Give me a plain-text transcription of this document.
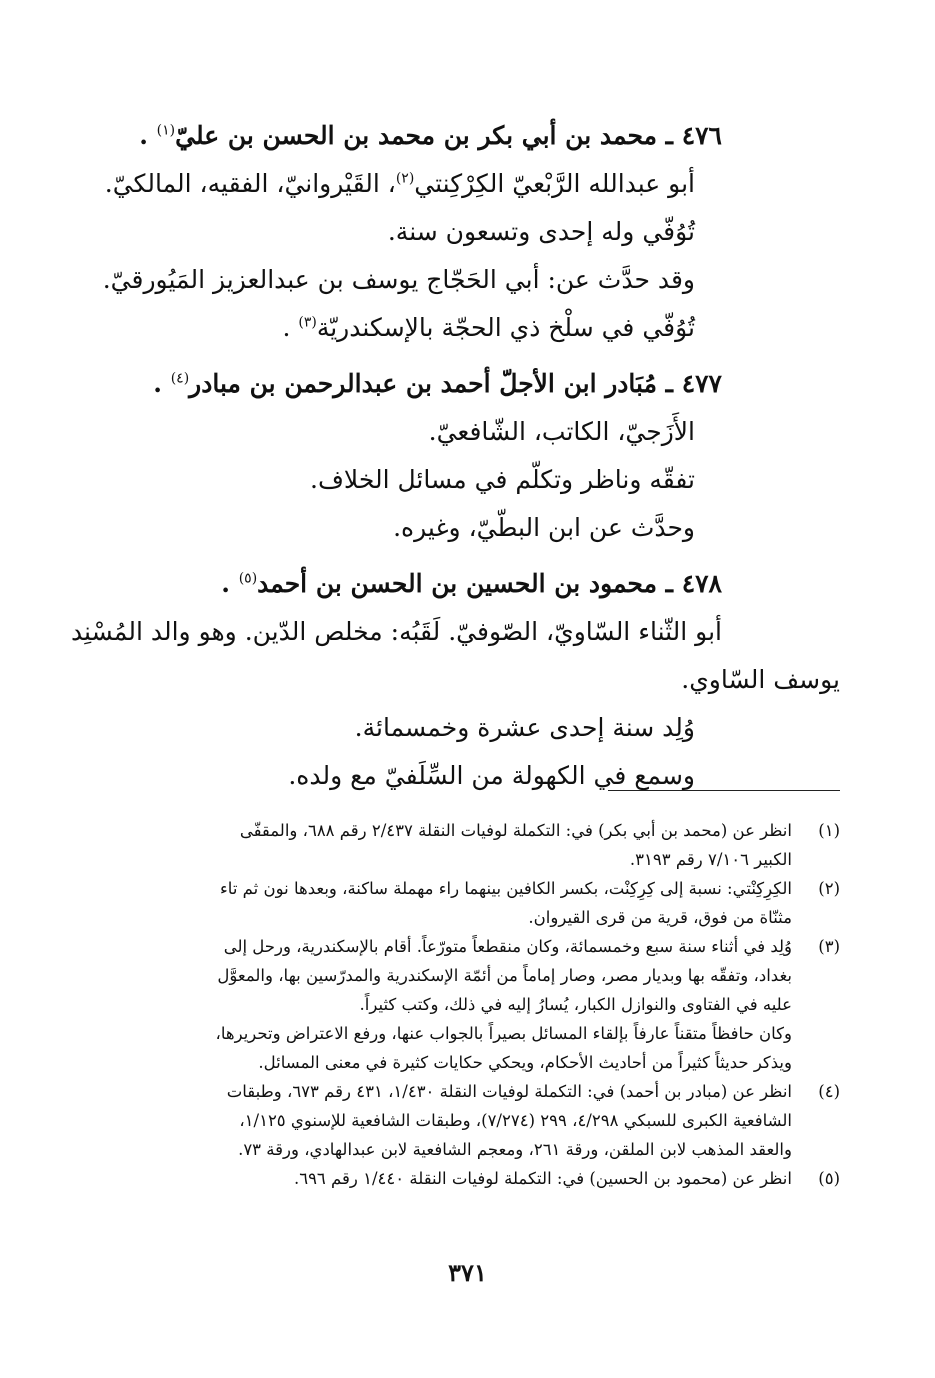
٤٧٦ ـ محمد بن أبي بكر بن محمد بن الحسن بن عليّ$^{(١)}$ .
أبو عبدالله الرَّبْعيّ الكِرْكِنتي$^{(٢)}$، القَيْروانيّ، الفقيه، المالكيّ.
تُوُفّي وله إحدى وتسعون سنة.
وقد حدَّث عن: أبي الحَجّاج يوسف بن عبدالعزيز المَيُورقيّ.
تُوُفّي في سلْخ ذي الحجّة بالإسكندريّة$^{(٣)}$ .
٤٧٧ ـ مُبَادر ابن الأجلّ أحمد بن عبدالرحمن بن مبادر$^{(٤)}$ .
الأَزَجيّ، الكاتب، الشّافعيّ.
تفقّه وناظر وتكلّم في مسائل الخلاف.
وحدَّث عن ابن البطّيّ، وغيره.
٤٧٨ ـ محمود بن الحسين بن الحسن بن أحمد$^{(٥)}$ .
أبو الثّناء السّاويّ، الصّوفيّ. لَقَبُه: مخلص الدّين. وهو والد المُسْنِد
يوسف السّاوي.
وُلِد سنة إحدى عشرة وخمسمائة.
وسمع في الكهولة من السِّلَفيّ مع ولده.
(١)
انظر عن (محمد بن أبي بكر) في: التكملة لوفيات النقلة ٢/٤٣٧ رقم ٦٨٨، والمقفّى
الكبير ٧/١٠٦ رقم ٣١٩٣.
(٢)
الكِرِكِنْتي: نسبة إلى كِرِكِنْت، بكسر الكافين بينهما راء مهملة ساكنة، وبعدها نون ثم تاء
مثنّاة من فوق، قرية من قرى القيروان.
(٣)
وُلِد في أثناء سنة سبع وخمسمائة، وكان منقطعاً متورّعاً. أقام بالإسكندرية، ورحل إلى
بغداد، وتفقّه بها وبديار مصر، وصار إماماً من أئمّة الإسكندرية والمدرّسين بها، والمعوَّل
عليه في الفتاوى والنوازل الكبار، يُسارُ إليه في ذلك، وكتب كثيراً.
وكان حافظاً متقناً عارفاً بإلقاء المسائل بصيراً بالجواب عنها، ورفع الاعتراض وتحريرها،
ويذكر حديثاً كثيراً من أحاديث الأحكام، ويحكي حكايات كثيرة في معنى المسائل.
(٤)
انظر عن (مبادر بن أحمد) في: التكملة لوفيات النقلة ١/٤٣٠، ٤٣١ رقم ٦٧٣، وطبقات
الشافعية الكبرى للسبكي ٤/٢٩٨، ٢٩٩ (٧/٢٧٤)، وطبقات الشافعية للإسنوي ١/١٢٥،
والعقد المذهب لابن الملقن، ورقة ٢٦١، ومعجم الشافعية لابن عبدالهادي، ورقة ٧٣.
(٥)
انظر عن (محمود بن الحسين) في: التكملة لوفيات النقلة ١/٤٤٠ رقم ٦٩٦.
٣٧١
